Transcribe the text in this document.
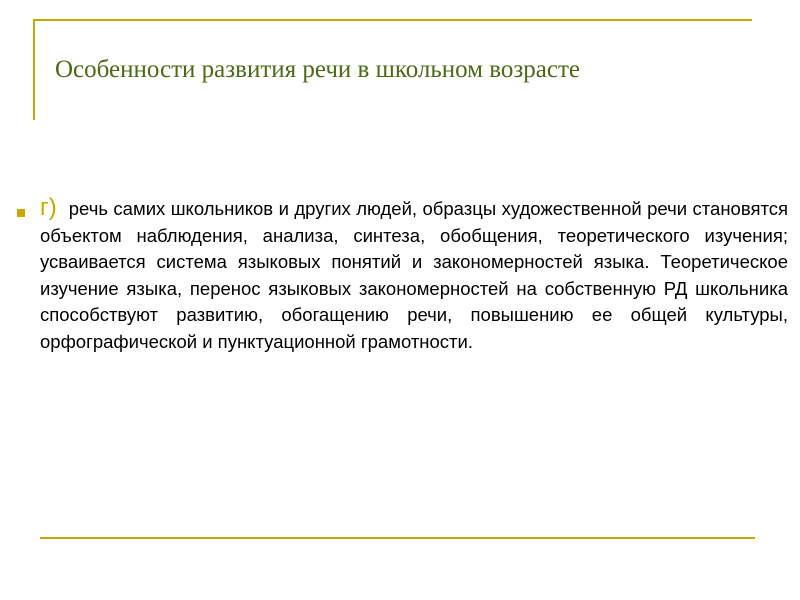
Особенности развития речи в школьном возрасте

г) речь самих школьников и других людей, образцы художественной речи становятся объектом наблюдения, анализа, синтеза, обобщения, теоретического изучения; усваивается система языковых понятий и закономерностей языка. Теоретическое изучение языка, перенос языковых закономерностей на собственную РД школьника способствуют развитию, обогащению речи, повышению ее общей культуры, орфографической и пунктуационной грамотности.
